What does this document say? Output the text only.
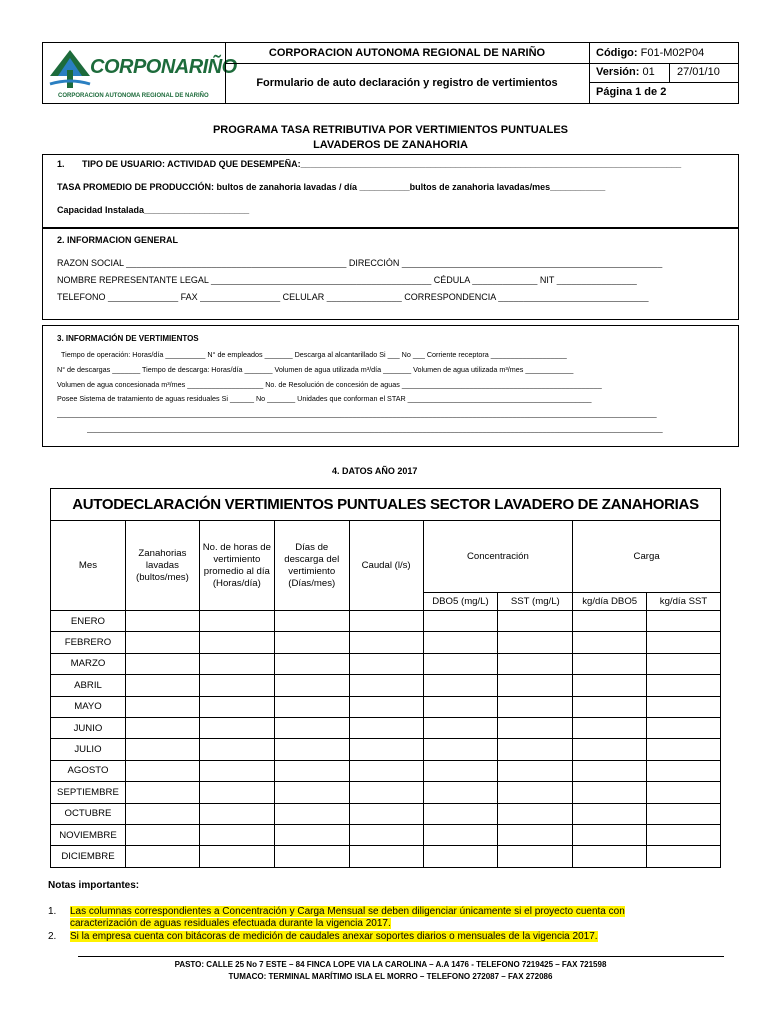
CORPONARIÑO
CORPORACION AUTONOMA REGIONAL DE NARIÑO
CORPORACION AUTONOMA REGIONAL DE NARIÑO
Formulario de auto declaración y registro de vertimientos
Código: F01-M02P04
Versión: 01 27/01/10
Página 1 de 2
PROGRAMA TASA RETRIBUTIVA POR VERTIMIENTOS PUNTUALES
LAVADEROS DE ZANAHORIA
1. TIPO DE USUARIO: ACTIVIDAD QUE DESEMPEÑA:____________________________________________________________________________
TASA PROMEDIO DE PRODUCCIÓN: bultos de zanahoria lavadas / día __________bultos de zanahoria lavadas/mes___________
Capacidad Instalada_____________________
2. INFORMACION GENERAL
RAZON SOCIAL ____________________________________________ DIRECCIÓN ____________________________________________________
NOMBRE REPRESENTANTE LEGAL ____________________________________________ CÉDULA _____________ NIT ________________
TELEFONO ______________ FAX ________________ CELULAR _______________ CORRESPONDENCIA ______________________________
3. INFORMACIÓN DE VERTIMIENTOS
Tiempo de operación: Horas/día __________ N° de empleados _______ Descarga al alcantarillado Si ___ No ___ Corriente receptora ___________________
N° de descargas _______ Tiempo de descarga: Horas/día _______ Volumen de agua utilizada m³/día _______ Volumen de agua utilizada m³/mes ____________
Volumen de agua concesionada m³/mes ___________________ No. de Resolución de concesión de aguas __________________________________________________
Posee Sistema de tratamiento de aguas residuales Si ______ No _______ Unidades que conforman el STAR ______________________________________________
______________________________________________________________________________________________________________________________________________________
________________________________________________________________________________________________________________________________________________
4. DATOS AÑO 2017
AUTODECLARACIÓN VERTIMIENTOS PUNTUALES SECTOR LAVADERO DE ZANAHORIAS								
Mes	Zanahorias lavadas (bultos/mes)	No. de horas de vertimiento promedio al día (Horas/día)	Días de descarga del vertimiento (Días/mes)	Caudal (l/s)	Concentración		Carga	
					DBO5 (mg/L)	SST (mg/L)	kg/día DBO5	kg/día SST
ENERO								
FEBRERO								
MARZO								
ABRIL								
MAYO								
JUNIO								
JULIO								
AGOSTO								
SEPTIEMBRE								
OCTUBRE								
NOVIEMBRE								
DICIEMBRE								
Notas importantes:
1. Las columnas correspondientes a Concentración y Carga Mensual se deben diligenciar únicamente si el proyecto cuenta con
caracterización de aguas residuales efectuada durante la vigencia 2017.
2. Si la empresa cuenta con bitácoras de medición de caudales anexar soportes diarios o mensuales de la vigencia 2017.
PASTO: CALLE 25 No 7 ESTE – 84 FINCA LOPE VIA LA CAROLINA – A.A 1476 - TELEFONO 7219425 – FAX 721598
TUMACO: TERMINAL MARÍTIMO ISLA EL MORRO – TELEFONO 272087 – FAX 272086
